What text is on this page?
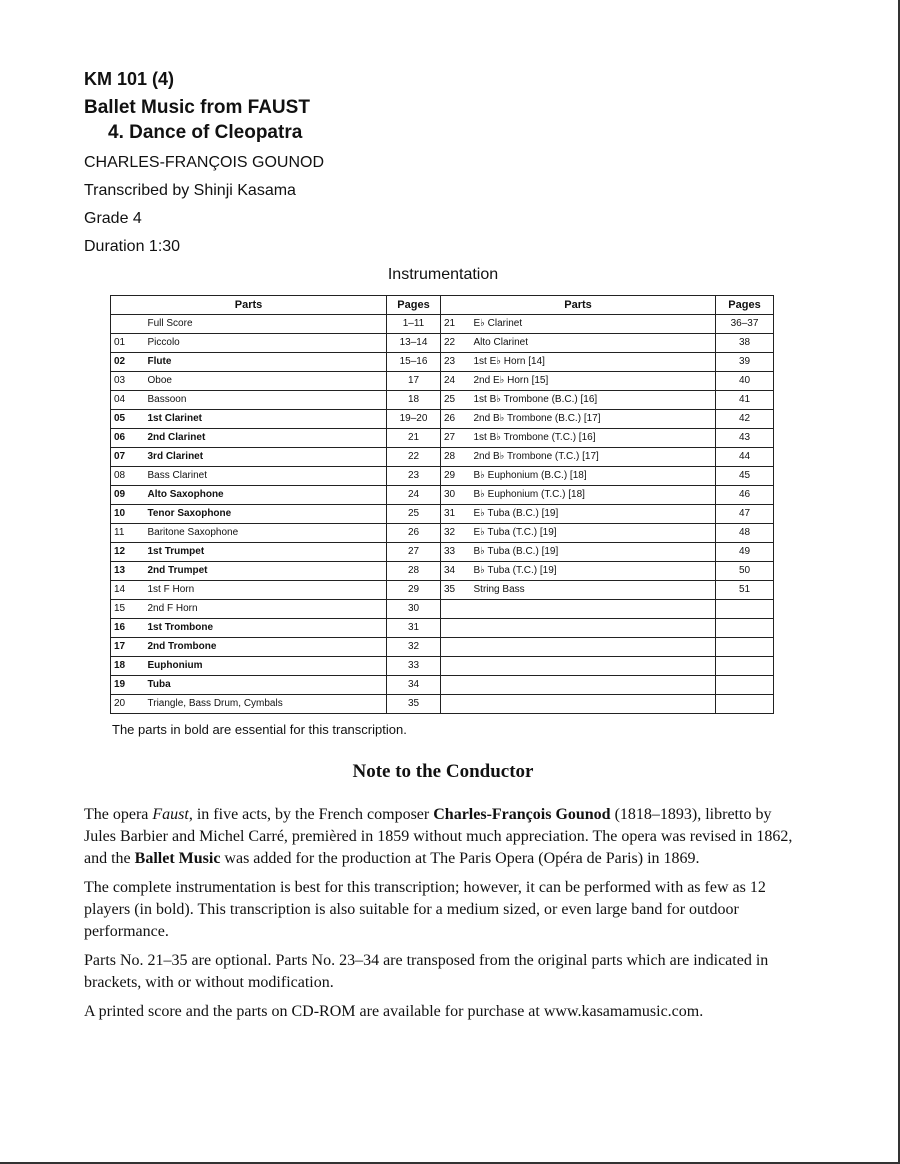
KM 101 (4)
Ballet Music from FAUST
4. Dance of Cleopatra
CHARLES-FRANÇOIS GOUNOD
Transcribed by Shinji Kasama
Grade 4
Duration 1:30
Instrumentation
Parts		Pages	Parts		Pages
	Full Score	1–11	21	E♭ Clarinet	36–37
01	Piccolo	13–14	22	Alto Clarinet	38
02	Flute	15–16	23	1st E♭ Horn [14]	39
03	Oboe	17	24	2nd E♭ Horn [15]	40
04	Bassoon	18	25	1st B♭ Trombone (B.C.) [16]	41
05	1st Clarinet	19–20	26	2nd B♭ Trombone (B.C.) [17]	42
06	2nd Clarinet	21	27	1st B♭ Trombone (T.C.) [16]	43
07	3rd Clarinet	22	28	2nd B♭ Trombone (T.C.) [17]	44
08	Bass Clarinet	23	29	B♭ Euphonium (B.C.) [18]	45
09	Alto Saxophone	24	30	B♭ Euphonium (T.C.) [18]	46
10	Tenor Saxophone	25	31	E♭ Tuba (B.C.) [19]	47
11	Baritone Saxophone	26	32	E♭ Tuba (T.C.) [19]	48
12	1st Trumpet	27	33	B♭ Tuba (B.C.) [19]	49
13	2nd Trumpet	28	34	B♭ Tuba (T.C.) [19]	50
14	1st F Horn	29	35	String Bass	51
15	2nd F Horn	30			
16	1st Trombone	31			
17	2nd Trombone	32			
18	Euphonium	33			
19	Tuba	34			
20	Triangle, Bass Drum, Cymbals	35			
The parts in bold are essential for this transcription.
Note to the Conductor

The opera Faust, in five acts, by the French composer Charles-François Gounod (1818–1893), libretto by Jules Barbier and Michel Carré, premièred in 1859 without much appreciation. The opera was revised in 1862, and the Ballet Music was added for the production at The Paris Opera (Opéra de Paris) in 1869.

The complete instrumentation is best for this transcription; however, it can be performed with as few as 12 players (in bold). This transcription is also suitable for a medium sized, or even large band for outdoor performance.

Parts No. 21–35 are optional. Parts No. 23–34 are transposed from the original parts which are indicated in brackets, with or without modification.

A printed score and the parts on CD-ROM are available for purchase at www.kasamamusic.com.
